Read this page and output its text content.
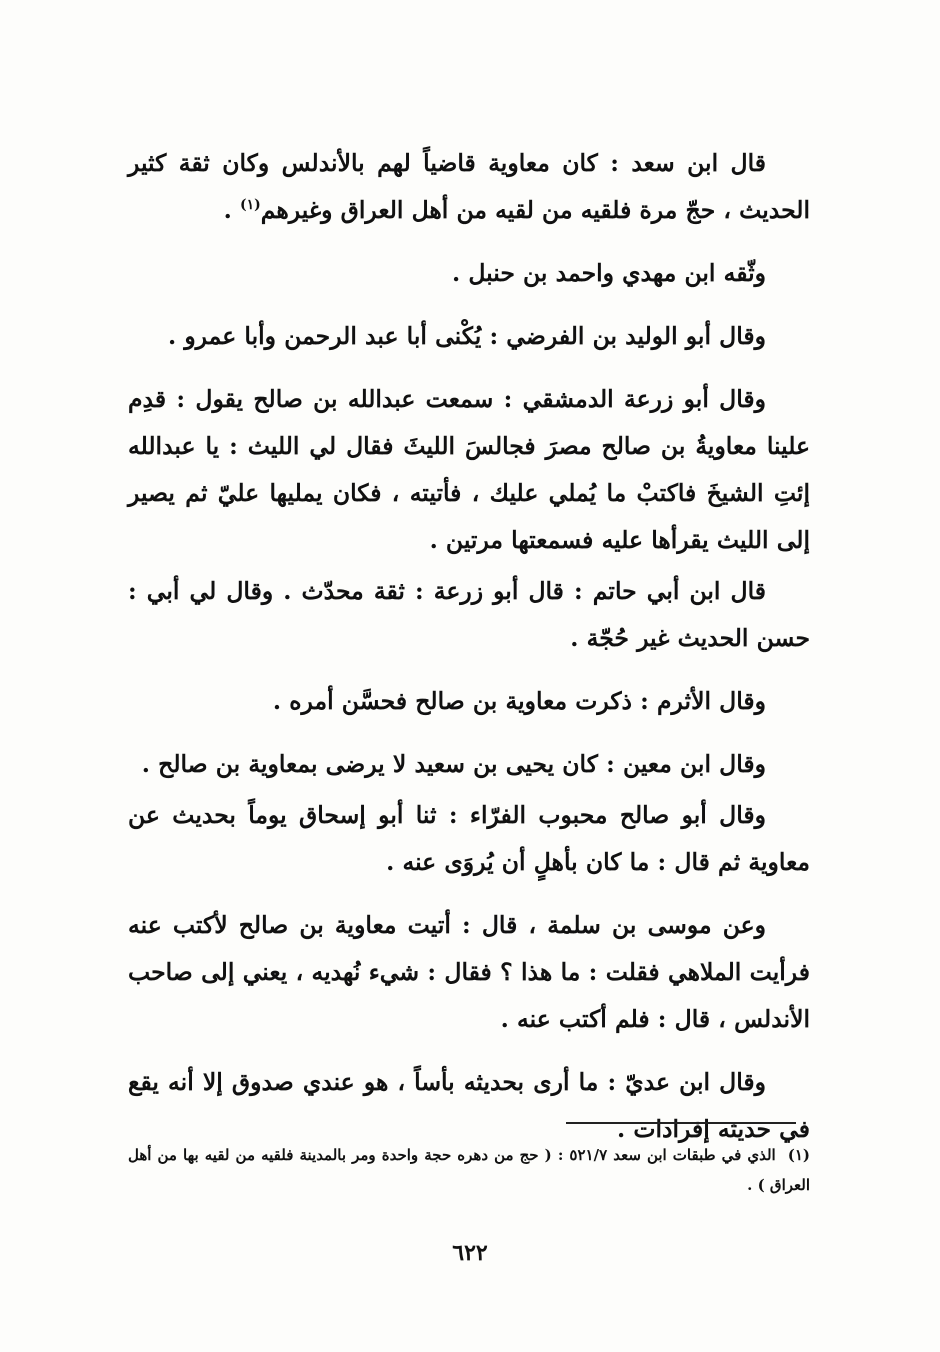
قال ابن سعد : كان معاوية قاضياً لهم بالأندلس وكان ثقة كثير الحديث ، حجّ مرة فلقيه من لقيه من أهل العراق وغيرهم$^{(١)}$ .

وثّقه ابن مهدي واحمد بن حنبل .

وقال أبو الوليد بن الفرضي : يُكْنى أبا عبد الرحمن وأبا عمرو .

وقال أبو زرعة الدمشقي : سمعت عبدالله بن صالح يقول : قدِم علينا معاويةُ بن صالح مصرَ فجالسَ الليثَ فقال لي الليث : يا عبدالله إئتِ الشيخَ فاكتبْ ما يُملي عليك ، فأتيته ، فكان يمليها عليّ ثم يصير إلى الليث يقرأها عليه فسمعتها مرتين .

قال ابن أبي حاتم : قال أبو زرعة : ثقة محدّث . وقال لي أبي : حسن الحديث غير حُجّة .

وقال الأثرم : ذكرت معاوية بن صالح فحسَّن أمره .

وقال ابن معين : كان يحيى بن سعيد لا يرضى بمعاوية بن صالح .

وقال أبو صالح محبوب الفرّاء : ثنا أبو إسحاق يوماً بحديث عن معاوية ثم قال : ما كان بأهلٍ أن يُروَى عنه .

وعن موسى بن سلمة ، قال : أتيت معاوية بن صالح لأكتب عنه فرأيت الملاهي فقلت : ما هذا ؟ فقال : شيء نُهديه ، يعني إلى صاحب الأندلس ، قال : فلم أكتب عنه .

وقال ابن عديّ : ما أرى بحديثه بأساً ، هو عندي صدوق إلا أنه يقع في حديثه إفرادات .

(١)الذي في طبقات ابن سعد ٥٢١/٧ : ( حج من دهره حجة واحدة ومر بالمدينة فلقيه من لقيه بها من أهل العراق ) .
٦٢٢
